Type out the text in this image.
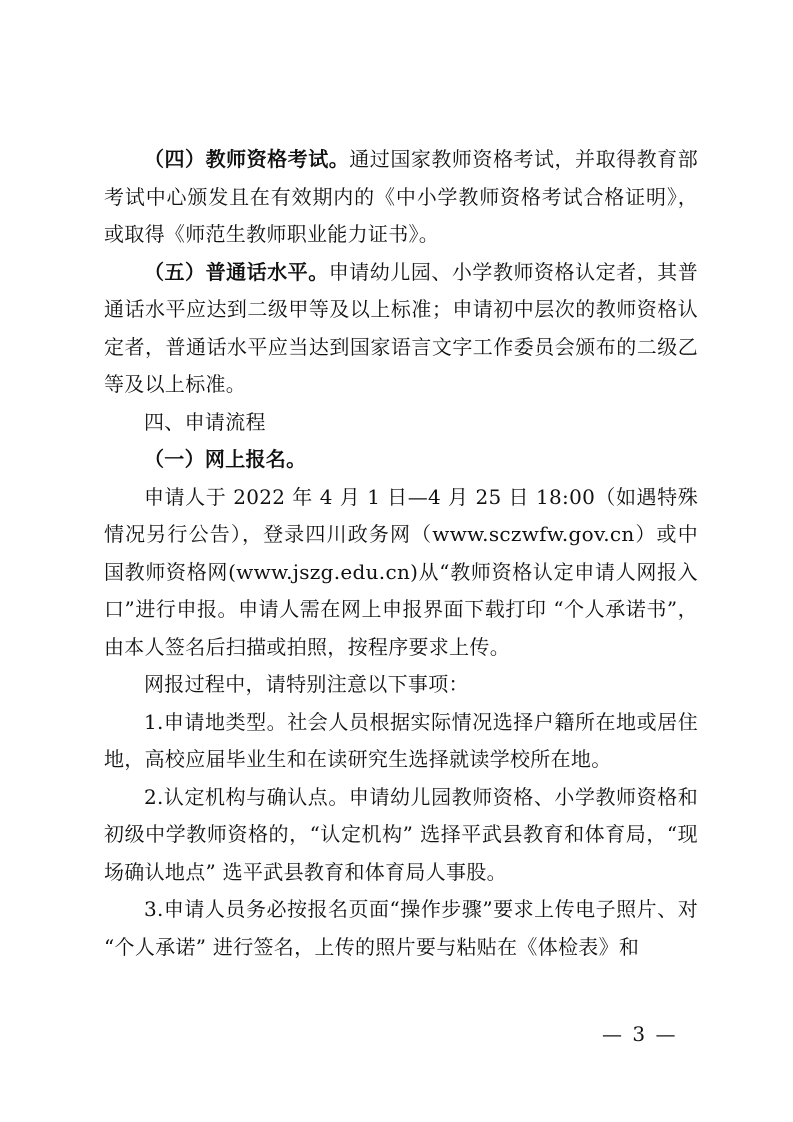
（四）教师资格考试。通过国家教师资格考试，并取得教育部考试中心颁发且在有效期内的《中小学教师资格考试合格证明》，或取得《师范生教师职业能力证书》。

（五）普通话水平。申请幼儿园、小学教师资格认定者，其普通话水平应达到二级甲等及以上标准；申请初中层次的教师资格认定者，普通话水平应当达到国家语言文字工作委员会颁布的二级乙等及以上标准。

四、申请流程

（一）网上报名。

申请人于 2022 年 4 月 1 日—4 月 25 日 18:00（如遇特殊情况另行公告），登录四川政务网（www.sczwfw.gov.cn）或中国教师资格网(www.jszg.edu.cn)从“教师资格认定申请人网报入口”进行申报。申请人需在网上申报界面下载打印 “个人承诺书”，由本人签名后扫描或拍照，按程序要求上传。

网报过程中，请特别注意以下事项：

1.申请地类型。社会人员根据实际情况选择户籍所在地或居住地，高校应届毕业生和在读研究生选择就读学校所在地。

2.认定机构与确认点。申请幼儿园教师资格、小学教师资格和初级中学教师资格的，“认定机构” 选择平武县教育和体育局，“现场确认地点” 选平武县教育和体育局人事股。

3.申请人员务必按报名页面“操作步骤”要求上传电子照片、对 “个人承诺” 进行签名，上传的照片要与粘贴在《体检表》和

— 3 —
